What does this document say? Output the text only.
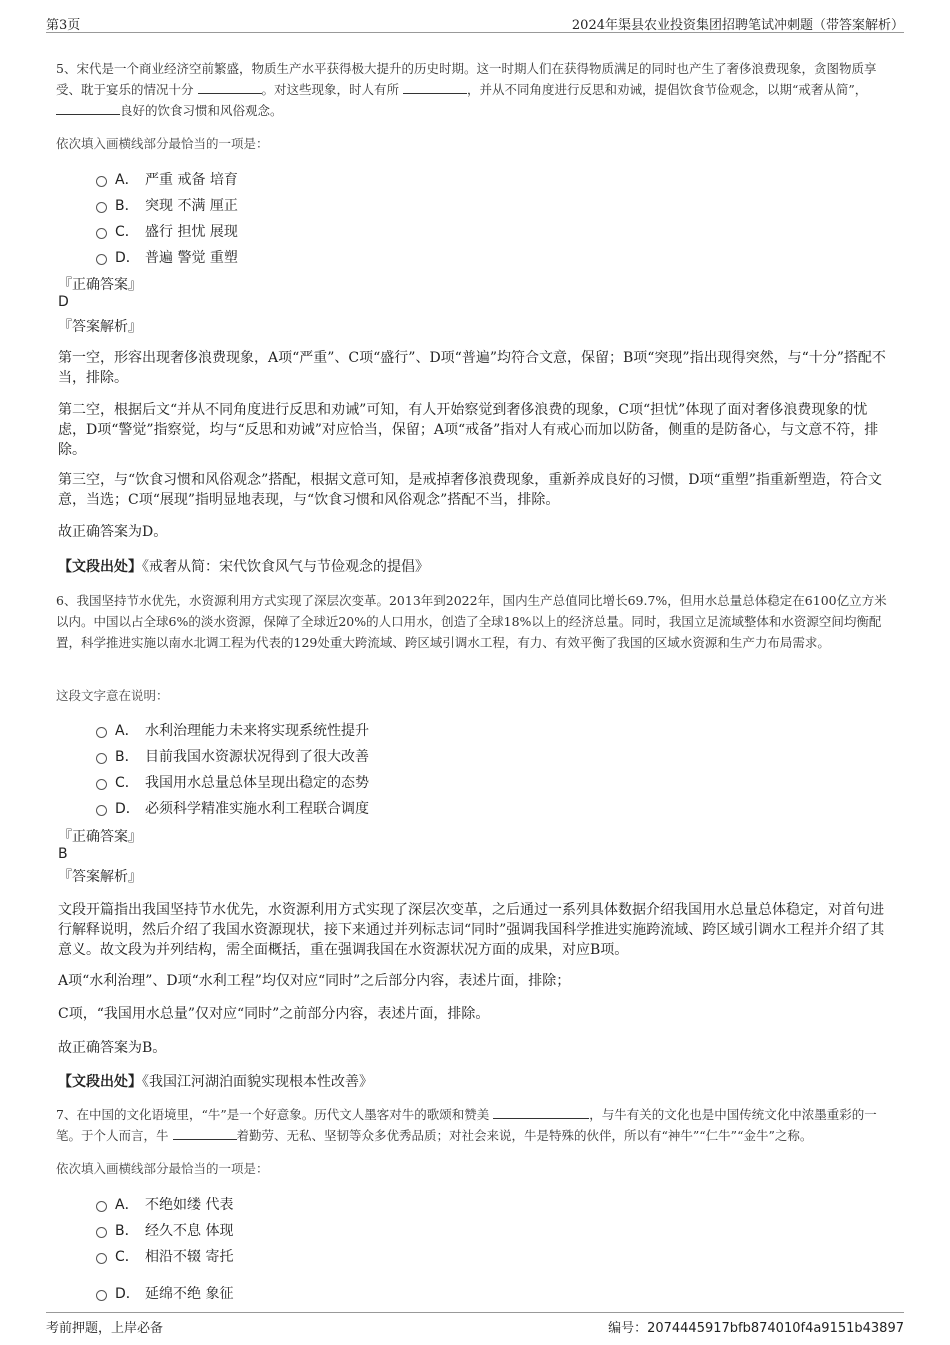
第3页	2024年渠县农业投资集团招聘笔试冲刺题（带答案解析）
5、宋代是一个商业经济空前繁盛，物质生产水平获得极大提升的历史时期。这一时期人们在获得物质满足的同时也产生了奢侈浪费现象，贪图物质享受、耽于宴乐的情况十分	。对这些现象，时人有所	，并从不同角度进行反思和劝诫，提倡饮食节俭观念，以期“戒奢从简”， 良好的饮食习惯和风俗观念。
依次填入画横线部分最恰当的一项是：
A． 严重 戒备 培育
B． 突现 不满 厘正
C． 盛行 担忧 展现
D． 普遍 警觉 重塑
『正确答案』
D
『答案解析』
第一空，形容出现奢侈浪费现象，A项“严重”、C项“盛行”、D项“普遍”均符合文意，保留；B项“突现”指出现得突然，与“十分”搭配不当，排除。
第二空，根据后文“并从不同角度进行反思和劝诫”可知，有人开始察觉到奢侈浪费的现象，C项“担忧”体现了面对奢侈浪费现象的忧虑，D项“警觉”指察觉，均与“反思和劝诫”对应恰当，保留；A项“戒备”指对人有戒心而加以防备，侧重的是防备心，与文意不符，排除。
第三空，与“饮食习惯和风俗观念”搭配，根据文意可知，是戒掉奢侈浪费现象，重新养成良好的习惯，D项“重塑”指重新塑造，符合文意，当选；C项“展现”指明显地表现，与“饮食习惯和风俗观念”搭配不当，排除。
故正确答案为D。
【文段出处】《戒奢从简：宋代饮食风气与节俭观念的提倡》
6、我国坚持节水优先，水资源利用方式实现了深层次变革。2013年到2022年，国内生产总值同比增长69.7%，但用水总量总体稳定在6100亿立方米以内。中国以占全球6%的淡水资源，保障了全球近20%的人口用水，创造了全球18%以上的经济总量。同时，我国立足流域整体和水资源空间均衡配置，科学推进实施以南水北调工程为代表的129处重大跨流域、跨区域引调水工程，有力、有效平衡了我国的区域水资源和生产力布局需求。
这段文字意在说明：
A． 水利治理能力未来将实现系统性提升
B． 目前我国水资源状况得到了很大改善
C． 我国用水总量总体呈现出稳定的态势
D． 必须科学精准实施水利工程联合调度
『正确答案』
B
『答案解析』
文段开篇指出我国坚持节水优先，水资源利用方式实现了深层次变革，之后通过一系列具体数据介绍我国用水总量总体稳定，对首句进行解释说明，然后介绍了我国水资源现状，接下来通过并列标志词“同时”强调我国科学推进实施跨流域、跨区域引调水工程并介绍了其意义。故文段为并列结构，需全面概括，重在强调我国在水资源状况方面的成果，对应B项。
A项“水利治理”、D项“水利工程”均仅对应“同时”之后部分内容，表述片面，排除；
C项，“我国用水总量”仅对应“同时”之前部分内容，表述片面，排除。
故正确答案为B。
【文段出处】《我国江河湖泊面貌实现根本性改善》
7、在中国的文化语境里，“牛”是一个好意象。历代文人墨客对牛的歌颂和赞美	，与牛有关的文化也是中国传统文化中浓墨重彩的一笔。于个人而言，牛	着勤劳、无私、坚韧等众多优秀品质；对社会来说，牛是特殊的伙伴，所以有“神牛”“仁牛”“金牛”之称。
依次填入画横线部分最恰当的一项是：
A． 不绝如缕 代表
B． 经久不息 体现
C． 相沿不辍 寄托
D． 延绵不绝 象征
考前押题，上岸必备	编号：2074445917bfb874010f4a9151b43897
